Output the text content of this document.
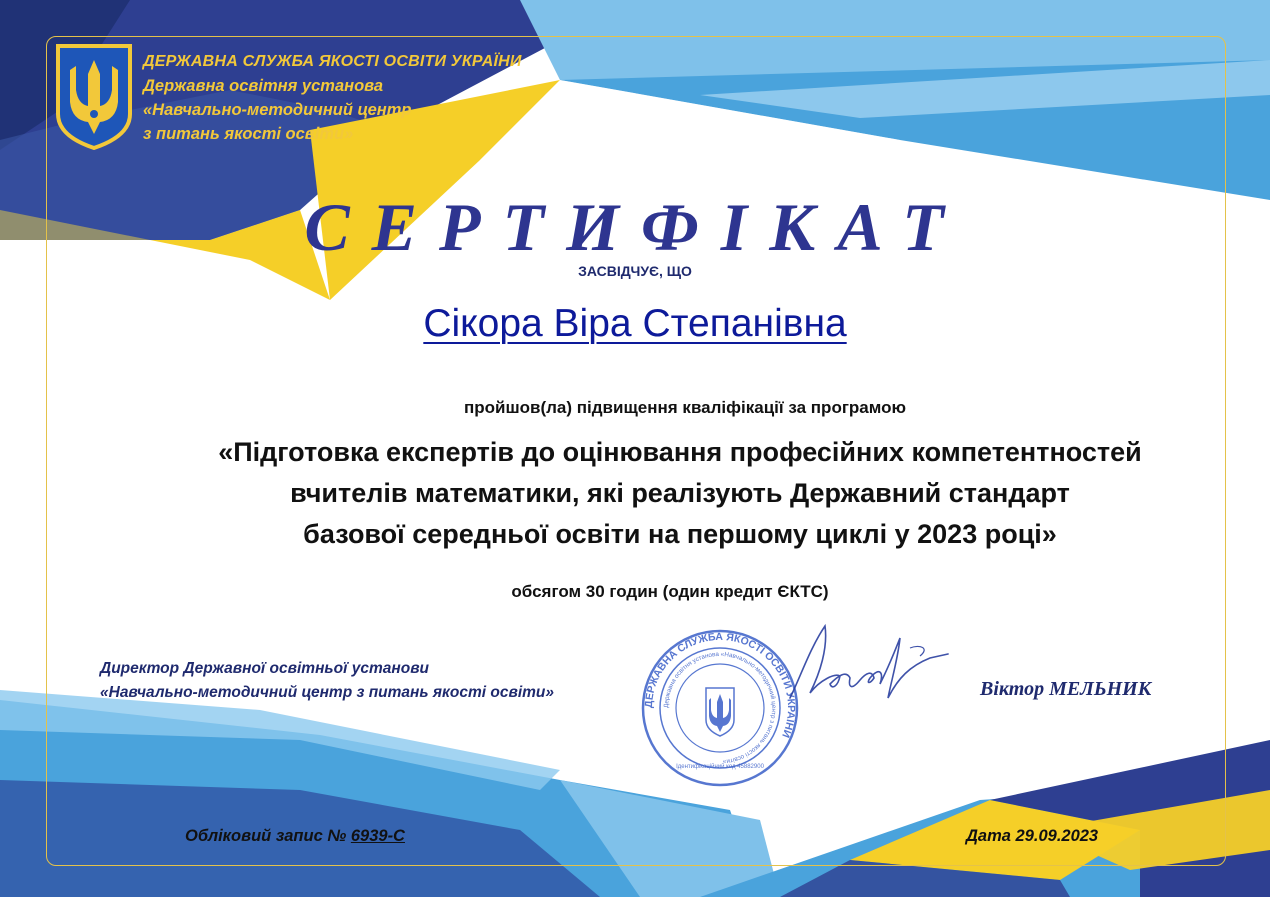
ДЕРЖАВНА СЛУЖБА ЯКОСТІ ОСВІТИ УКРАЇНИ
Державна освітня установа
«Навчально-методичний центр
з питань якості освіти»
СЕРТИФІКАТ
ЗАСВІДЧУЄ, ЩО
Сікора Віра Степанівна
пройшов(ла) підвищення кваліфікації за програмою
«Підготовка експертів до оцінювання професійних компетентностей
вчителів математики, які реалізують Державний стандарт
базової середньої освіти на першому циклі у 2023 році»
обсягом 30 годин (один кредит ЄКТС)
Директор Державної освітньої установи
«Навчально-методичний центр з питань якості освіти»
ДЕРЖАВНА СЛУЖБА ЯКОСТІ ОСВІТИ УКРАЇНИ
Державна освітня установа «Навчально-методичний центр з питань якості освіти»
Ідентифікаційний код 45882900
Віктор МЕЛЬНИК
Обліковий запис № 6939-С	Дата 29.09.2023
